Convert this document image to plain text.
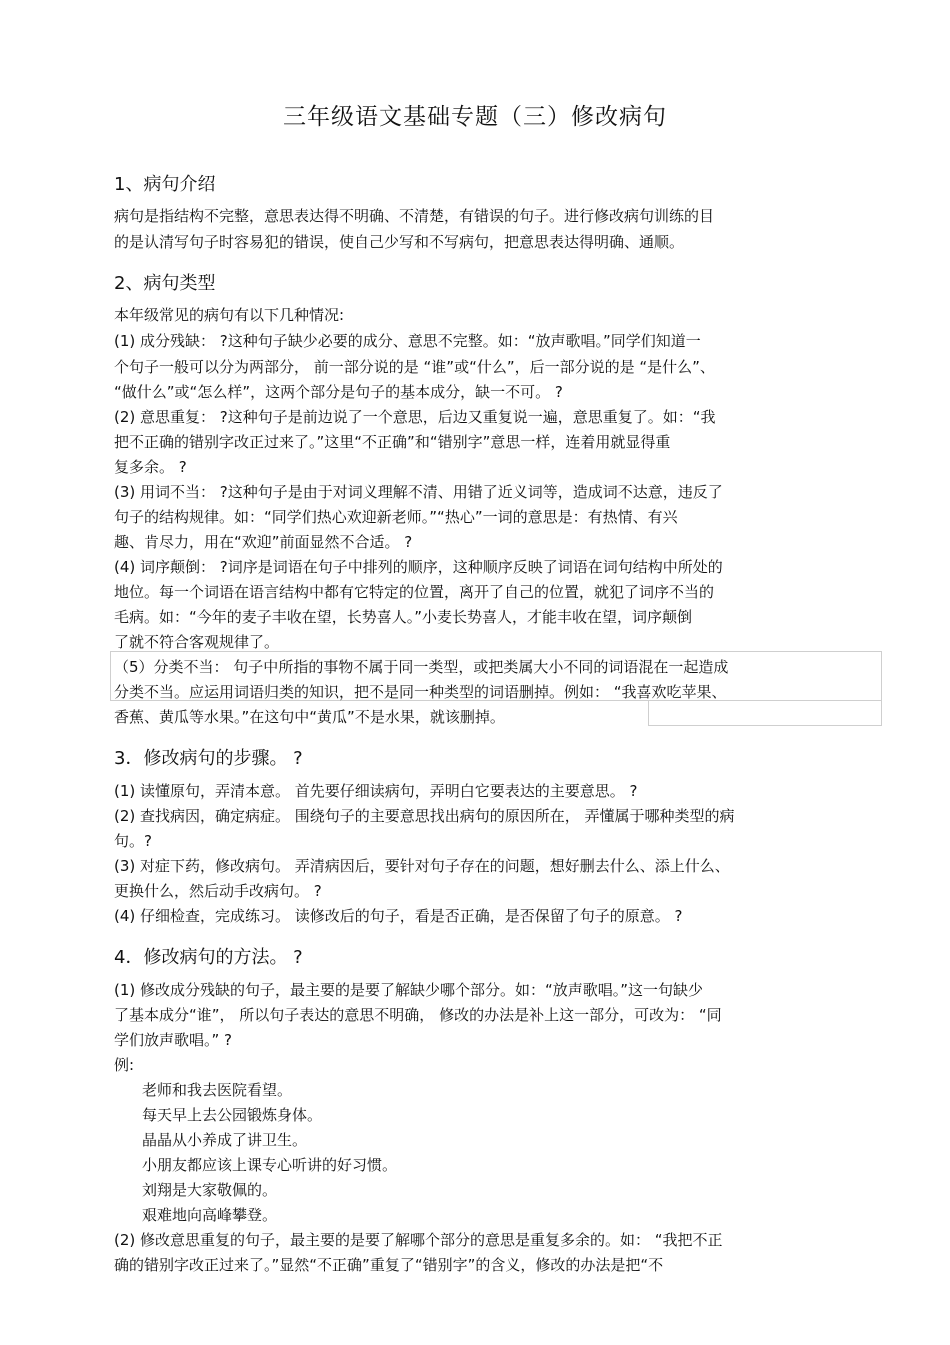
三年级语文基础专题（三）修改病句
1、病句介绍
病句是指结构不完整，意思表达得不明确、不清楚，有错误的句子。进行修改病句训练的目
的是认清写句子时容易犯的错误，使自己少写和不写病句，把意思表达得明确、通顺。
2、病句类型
本年级常见的病句有以下几种情况:
(1) 成分残缺： ?这种句子缺少必要的成分、意思不完整。如：“放声歌唱。”同学们知道一
个句子一般可以分为两部分， 前一部分说的是 “谁”或“什么”，后一部分说的是 “是什么”、
“做什么”或“怎么样”，这两个部分是句子的基本成分，缺一不可。 ?
(2) 意思重复： ?这种句子是前边说了一个意思，后边又重复说一遍，意思重复了。如：“我
把不正确的错别字改正过来了。”这里“不正确”和“错别字”意思一样，连着用就显得重
复多余。 ?
(3) 用词不当： ?这种句子是由于对词义理解不清、用错了近义词等，造成词不达意，违反了
句子的结构规律。如：“同学们热心欢迎新老师。”“热心”一词的意思是：有热情、有兴
趣、肯尽力，用在“欢迎”前面显然不合适。 ?
(4) 词序颠倒： ?词序是词语在句子中排列的顺序，这种顺序反映了词语在词句结构中所处的
地位。每一个词语在语言结构中都有它特定的位置，离开了自己的位置，就犯了词序不当的
毛病。如：“今年的麦子丰收在望，长势喜人。”小麦长势喜人，才能丰收在望，词序颠倒
了就不符合客观规律了。
（5）分类不当： 句子中所指的事物不属于同一类型，或把类属大小不同的词语混在一起造成
分类不当。应运用词语归类的知识，把不是同一种类型的词语删掉。例如： “我喜欢吃苹果、
香蕉、黄瓜等水果。”在这句中“黄瓜”不是水果，就该删掉。
3．修改病句的步骤。 ?
(1) 读懂原句，弄清本意。 首先要仔细读病句，弄明白它要表达的主要意思。 ?
(2) 查找病因，确定病症。 围绕句子的主要意思找出病句的原因所在， 弄懂属于哪种类型的病
句。?
(3) 对症下药，修改病句。 弄清病因后，要针对句子存在的问题，想好删去什么、添上什么、
更换什么，然后动手改病句。 ?
(4) 仔细检查，完成练习。 读修改后的句子，看是否正确，是否保留了句子的原意。 ?
4．修改病句的方法。 ?
(1) 修改成分残缺的句子，最主要的是要了解缺少哪个部分。如：“放声歌唱。”这一句缺少
了基本成分“谁”， 所以句子表达的意思不明确， 修改的办法是补上这一部分，可改为： “同
学们放声歌唱。” ?
例:
老师和我去医院看望。
每天早上去公园锻炼身体。
晶晶从小养成了讲卫生。
小朋友都应该上课专心听讲的好习惯。
刘翔是大家敬佩的。
艰难地向高峰攀登。
(2) 修改意思重复的句子，最主要的是要了解哪个部分的意思是重复多余的。如： “我把不正
确的错别字改正过来了。”显然“不正确”重复了“错别字”的含义，修改的办法是把“不
